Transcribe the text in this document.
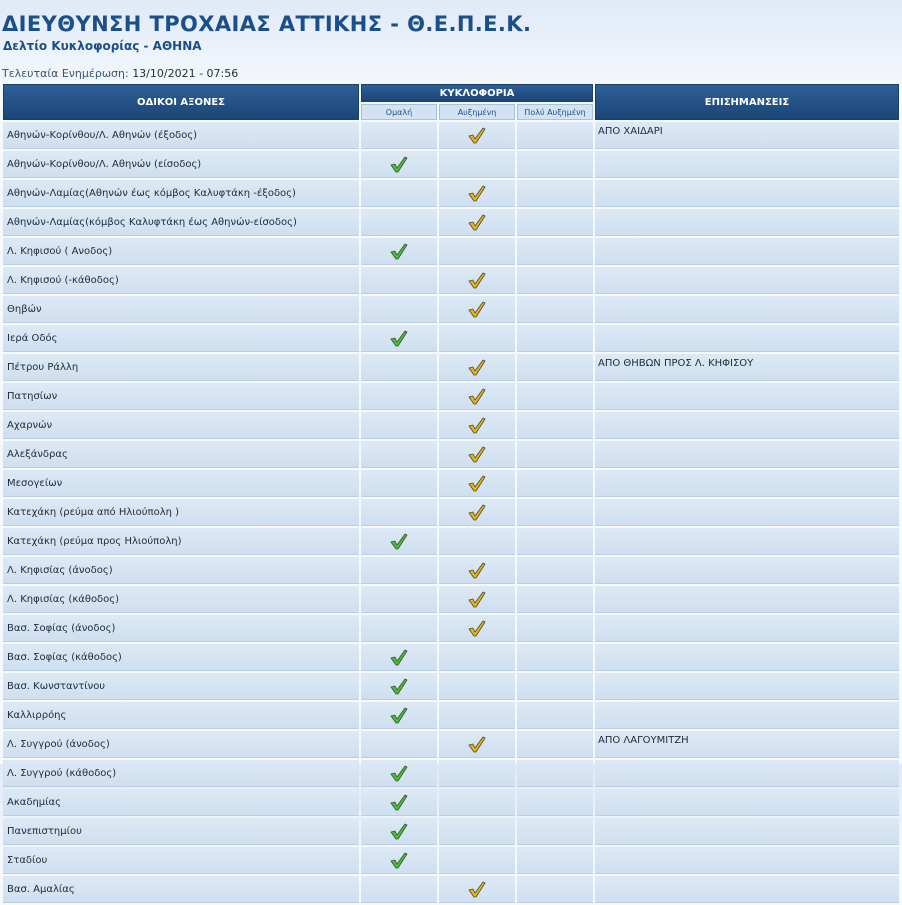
ΔΙΕΥΘΥΝΣΗ ΤΡΟΧΑΙΑΣ ΑΤΤΙΚΗΣ - Θ.Ε.Π.Ε.Κ.
Δελτίο Κυκλοφορίας - ΑΘΗΝΑ
Τελευταία Ενημέρωση: 13/10/2021 - 07:56
ΟΔΙΚΟΙ ΑΞΟΝΕΣ	ΚΥΚΛΟΦΟΡΙΑ			ΕΠΙΣΗΜΑΝΣΕΙΣ
	Ομαλή	Αυξημένη	Πολύ Αυξημένη	
Αθηνών-Κορίνθου/Λ. Αθηνών (έξοδος)				ΑΠΟ ΧΑΙΔΑΡΙ
Αθηνών-Κορίνθου/Λ. Αθηνών (είσοδος)				
Αθηνών-Λαμίας(Αθηνών έως κόμβος Καλυφτάκη -έξοδος)				
Αθηνών-Λαμίας(κόμβος Καλυφτάκη έως Αθηνών-είσοδος)				
Λ. Κηφισού ( Ανοδος)				
Λ. Κηφισού (-κάθοδος)				
Θηβών				
Ιερά Οδός				
Πέτρου Ράλλη				ΑΠΟ ΘΗΒΩΝ ΠΡΟΣ Λ. ΚΗΦΙΣΟΥ
Πατησίων				
Αχαρνών				
Αλεξάνδρας				
Μεσογείων				
Κατεχάκη (ρεύμα από Ηλιούπολη )				
Κατεχάκη (ρεύμα προς Ηλιούπολη)				
Λ. Κηφισίας (άνοδος)				
Λ. Κηφισίας (κάθοδος)				
Βασ. Σοφίας (άνοδος)				
Βασ. Σοφίας (κάθοδος)				
Βασ. Κωνσταντίνου				
Καλλιρρόης				
Λ. Συγγρού (άνοδος)				ΑΠΟ ΛΑΓΟΥΜΙΤΖΗ
Λ. Συγγρού (κάθοδος)				
Ακαδημίας				
Πανεπιστημίου				
Σταδίου				
Βασ. Αμαλίας				
